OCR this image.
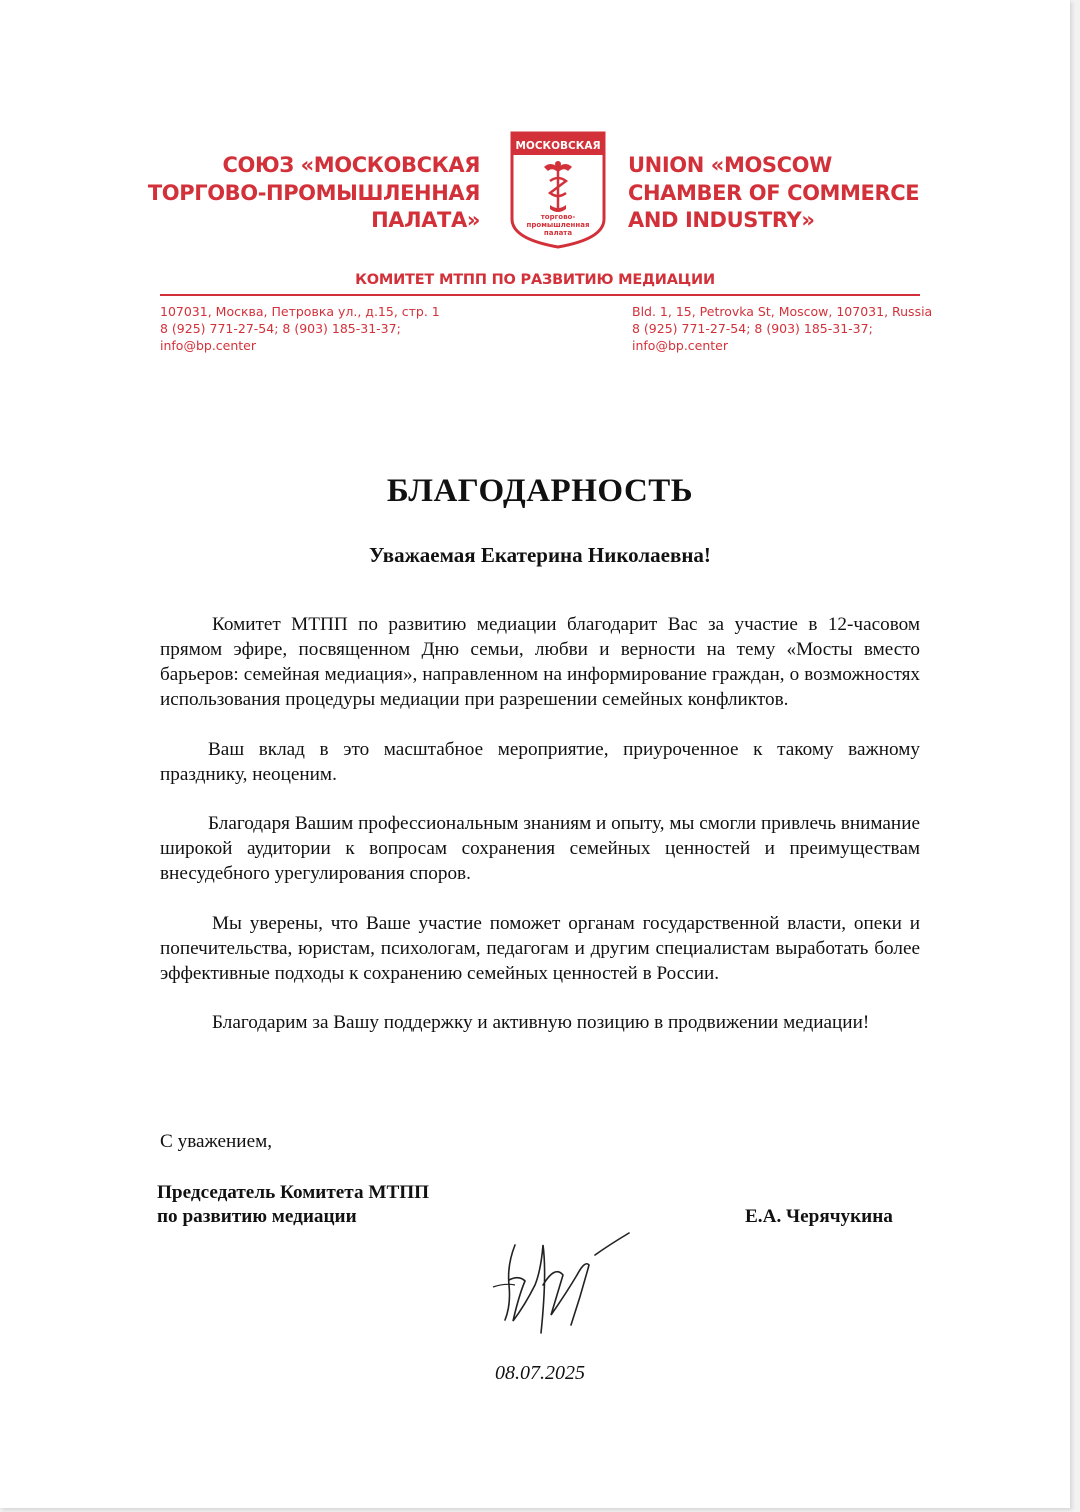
СОЮЗ «МОСКОВСКАЯ
ТОРГОВО-ПРОМЫШЛЕННАЯ
ПАЛАТА»
МОСКОВСКАЯ
торгово-
промышленная
палата
UNION «MOSCOW
CHAMBER OF COMMERCE
AND INDUSTRY»
КОМИТЕТ МТПП ПО РАЗВИТИЮ МЕДИАЦИИ
107031, Москва, Петровка ул., д.15, стр. 1
8 (925) 771-27-54; 8 (903) 185-31-37;
info@bp.center
Bld. 1, 15, Petrovka St, Moscow, 107031, Russia
8 (925) 771-27-54; 8 (903) 185-31-37;
info@bp.center
БЛАГОДАРНОСТЬ
Уважаемая Екатерина Николаевна!

Комитет МТПП по развитию медиации благодарит Вас за участие в 12-часовом прямом эфире, посвященном Дню семьи, любви и верности на тему «Мосты вместо барьеров: семейная медиация», направленном на информирование граждан, о возможностях использования процедуры медиации при разрешении семейных конфликтов.

Ваш вклад в это масштабное мероприятие, приуроченное к такому важному празднику, неоценим.

Благодаря Вашим профессиональным знаниям и опыту, мы смогли привлечь внимание широкой аудитории к вопросам сохранения семейных ценностей и преимуществам внесудебного урегулирования споров.

Мы уверены, что Ваше участие поможет органам государственной власти, опеки и попечительства, юристам, психологам, педагогам и другим специалистам выработать более эффективные подходы к сохранению семейных ценностей в России.

Благодарим за Вашу поддержку и активную позицию в продвижении медиации!

С уважением,
Председатель Комитета МТПП
по развитию медиации	Е.А. Черячукина
08.07.2025
